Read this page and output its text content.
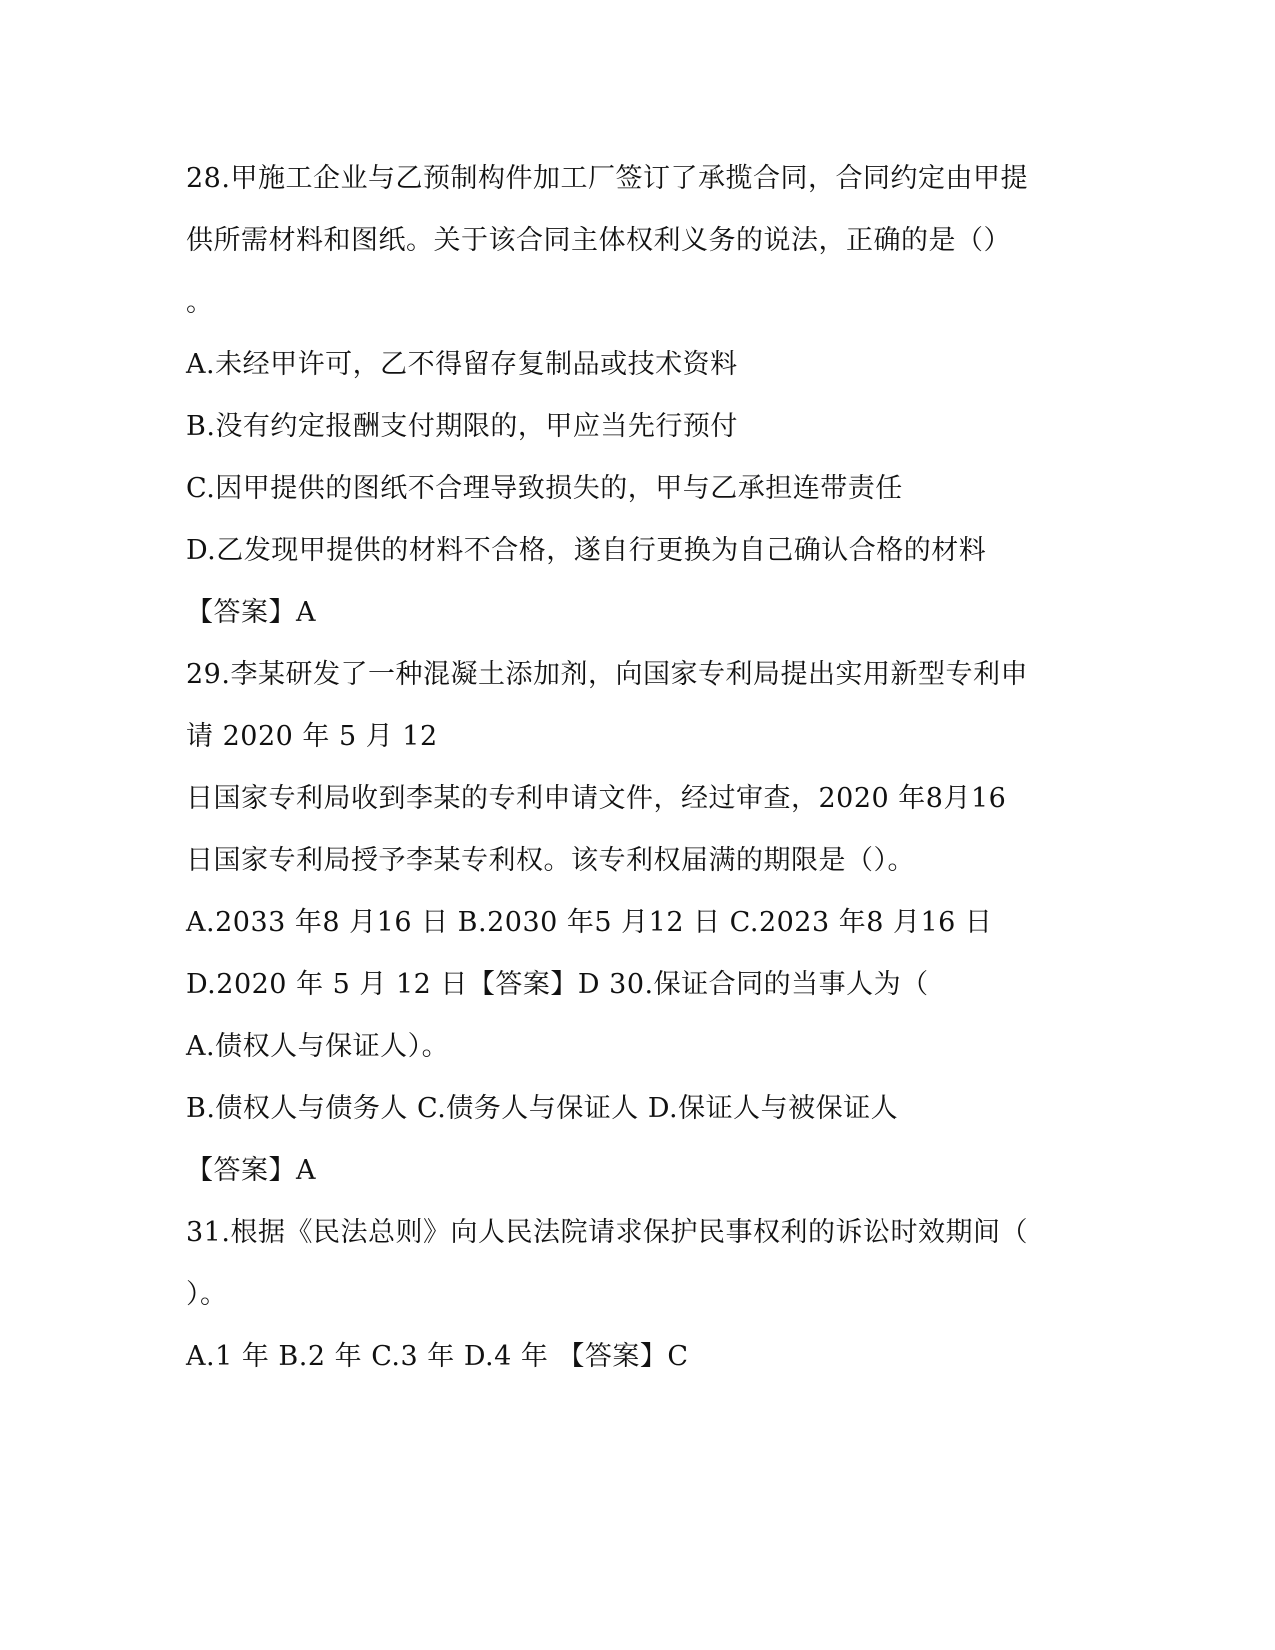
28.甲施工企业与乙预制构件加工厂签订了承揽合同，合同约定由甲提
供所需材料和图纸。关于该合同主体权利义务的说法，正确的是（）
。
A.未经甲许可，乙不得留存复制品或技术资料
B.没有约定报酬支付期限的，甲应当先行预付
C.因甲提供的图纸不合理导致损失的，甲与乙承担连带责任
D.乙发现甲提供的材料不合格，遂自行更换为自己确认合格的材料
【答案】A
29.李某研发了一种混凝土添加剂，向国家专利局提出实用新型专利申
请 2020 年 5 月 12
日国家专利局收到李某的专利申请文件，经过审查，2020 年8月16
日国家专利局授予李某专利权。该专利权届满的期限是（）。
A.2033 年8 月16 日 B.2030 年5 月12 日 C.2023 年8 月16 日
D.2020 年 5 月 12 日【答案】D 30.保证合同的当事人为（
A.债权人与保证人）。
B.债权人与债务人 C.债务人与保证人 D.保证人与被保证人
【答案】A
31.根据《民法总则》向人民法院请求保护民事权利的诉讼时效期间（
）。
A.1 年 B.2 年 C.3 年 D.4 年 【答案】C
